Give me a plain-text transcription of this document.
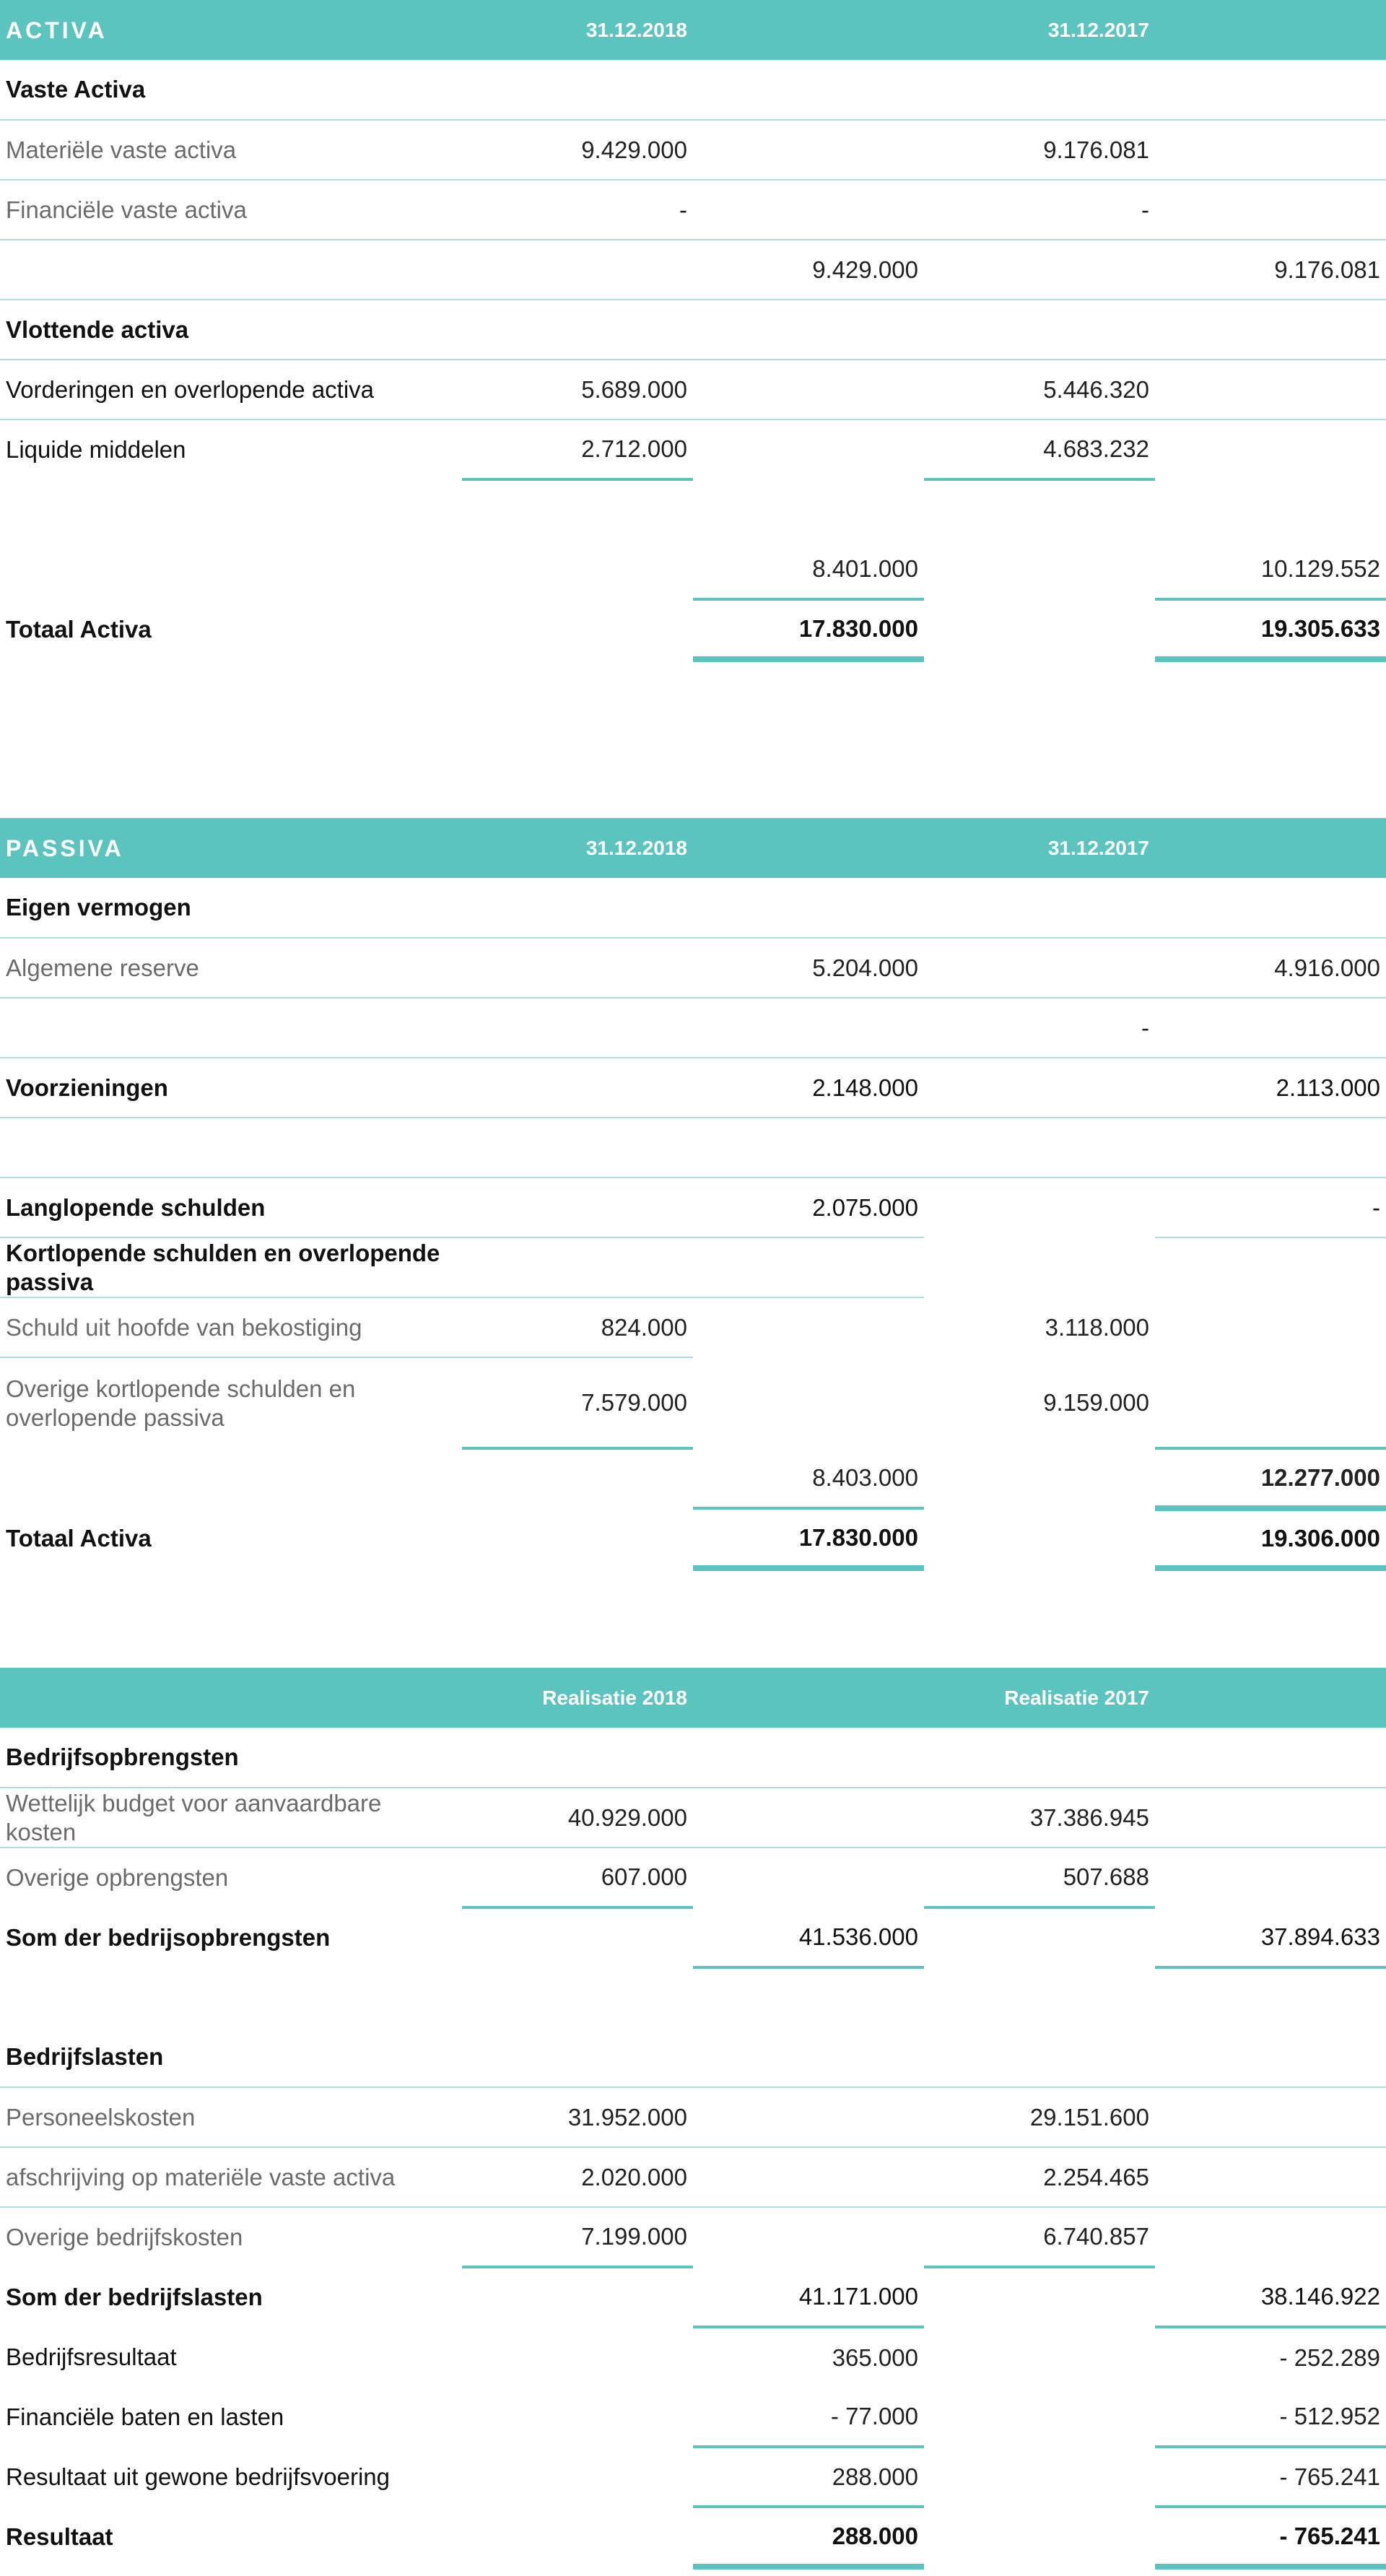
ACTIVA	31.12.2018		31.12.2017	
Vaste Activa				
Materiële vaste activa	9.429.000		9.176.081	
Financiële vaste activa	-		-	
		9.429.000		9.176.081
Vlottende activa				
Vorderingen en overlopende activa	5.689.000		5.446.320	
Liquide middelen	2.712.000		4.683.232	

		8.401.000		10.129.552
Totaal Activa		17.830.000		19.305.633
PASSIVA	31.12.2018		31.12.2017	
Eigen vermogen				
Algemene reserve		5.204.000		4.916.000
			-	
Voorzieningen		2.148.000		2.113.000

Langlopende schulden		2.075.000		-
Kortlopende schulden en overlopende passiva				
Schuld uit hoofde van bekostiging	824.000		3.118.000	
Overige kortlopende schulden en overlopende passiva	7.579.000		9.159.000	
		8.403.000		12.277.000
Totaal Activa		17.830.000		19.306.000
	Realisatie 2018		Realisatie 2017	
Bedrijfsopbrengsten				
Wettelijk budget voor aanvaardbare kosten	40.929.000		37.386.945	
Overige opbrengsten	607.000		507.688	
Som der bedrijsopbrengsten		41.536.000		37.894.633

Bedrijfslasten				
Personeelskosten	31.952.000		29.151.600	
afschrijving op materiële vaste activa	2.020.000		2.254.465	
Overige bedrijfskosten	7.199.000		6.740.857	
Som der bedrijfslasten		41.171.000		38.146.922
Bedrijfsresultaat		365.000		- 252.289
Financiële baten en lasten		- 77.000		- 512.952
Resultaat uit gewone bedrijfsvoering		288.000		- 765.241
Resultaat		288.000		- 765.241
